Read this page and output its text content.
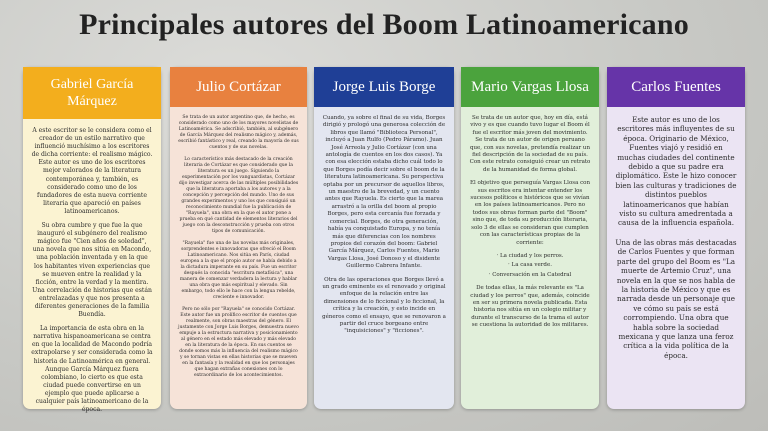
Principales autores del Boom Latinoamericano
Gabriel García Márquez

A este escritor se le considera como el creador de un estilo narrativo que influenció muchísimo a los escritores de dicha corriente: el realismo mágico. Este autor es uno de los escritores mejor valorados de la literatura contemporánea y, también, es considerado como uno de los fundadores de esta nueva corriente literaria que apareció en países latinoamericanos.

Su obra cumbre y que fue la que inauguró el subgénero del realismo mágico fue "Cien años de soledad", una novela que nos sitúa en Macondo, una población inventada y en la que los habitantes viven experiencias que se mueven entre la realidad y la ficción, entre la verdad y la mentira. Una correlación de historias que están entrelazadas y que nos presenta a diferentes generaciones de la familia Buendía.

La importancia de esta obra en la narrativa hispanoamericana se centra en que la localidad de Macondo podría extrapolarse y ser considerada como la historia de Latinoamérica en general. Aunque García Márquez fuera colombiano, lo cierto es que esta ciudad puede convertirse en un ejemplo que puede aplicarse a cualquier país latinoamericano de la época.

Julio Cortázar

Se trata de un autor argentino que, de hecho, es considerado como uno de los mayores novelistas de Latinoamérica. Se adscribió, también, al subgénero de García Márquez del realismo mágico y, además, escribió fantástico y real, creando la mayoría de sus cuentos y de sus novelas.

Lo característico más destacado de la creación literaria de Cortázar es que considerado que la literatura es un juego. Siguiendo la experimentación por los vanguardistas, Cortázar dijo investigar acerca de las múltiples posibilidades que la literatura aportaba a los autores y a la concepción y percepción del mundo. Uno de sus grandes experimentos y uno los que consiguió un reconocimiento mundial fue la publicación de "Rayuela", una obra en la que el autor pone a prueba en qué cantidad de elementos literarios del juego con la desconstrucción y prueba con otros tipos de comunicación.

"Rayuela" fue una de las novelas más originales, sorprendentes e innovadoras que ofreció el Boom Latinoamericano. Nos sitúa en París, ciudad europea a la que el propio autor se había debido a la dictadura imperante en su país. Fue un escritor después la conocida "escritura metafísica", una manera de comenzar verdadera la lectura y hablar una obra que más espiritual y elevado. Sin embargo, todo ello le hace con la lengua rebelde, creciente e innovador.

Pero no sólo por "Rayuela" se conocido Cortázar. Este autor fue un prolífico escritor de cuentos que realmente, son obras maestras del género. El justamente con Jorge Luis Borges, demuestra nuevo empuje a la estructura narrativa y posicionamiento al género en el estado más elevado y más elevado en la literatura de la época. En sus cuentos se donde somos más la influencia del realismo mágico y se tornan vistas en ellas historias que se mueven en la fantasía y la realidad en que los personajes que hagan extrañas conexiones con lo extraordinario de los acontecimientos.

Jorge Luis Borge

Cuando, ya sobre el final de su vida, Borges dirigió y prologó una generosa colección de libros que llamó "Biblioteca Personal", incluyó a Juan Rulfo (Pedro Páramo). Juan José Arreola y Julio Cortázar (con una antología de cuentos en los dos casos). Ya con esa elección estaba dicho cuál todo lo que Borges podía decir sobre el boom de la literatura latinoamericana. Su perspectiva optaba por un precursor de aquellos libros, un maestro de la brevedad, y un cuento antes que Rayuela. Es cierto que la marea arrastró a la orilla del boom al propio Borges, pero esta cercanía fue forzada y comercial. Borges, de otra generación, había ya conquistado Europa, y no tenía más que diferencias con los nombres propios del corazón del boom: Gabriel García Márquez, Carlos Fuentes, Mario Vargas Llosa, José Donoso y el disidente Guillermo Cabrera Infante.

Otra de las operaciones que Borges llevó a un grado eminente es el renovado y original enfoque de la relación entre las dimensiones de lo ficcional y lo ficcional, la crítica y la creación, y esto incide en géneros como el ensayo, que se renovaron a partir del cruce borgeano entre "inquisiciones" y "ficciones".

Mario Vargas Llosa

Se trata de un autor que, hoy en día, está vivo y es que cuando tuvo lugar el Boom él fue el escritor más joven del movimiento. Se trata de un autor de origen peruano que, con sus novelas, pretendía realizar un fiel descripción de la sociedad de su país. Con este retrato consiguió crear un retrato de la humanidad de forma global.

El objetivo que perseguía Vargas Llosa con sus escritos era intentar entender los sucesos políticos e históricos que se vivían en los países latinoamericanos. Pero no todos sus obras forman parte del "Boom" sino que, de toda su producción literaria, solo 3 de ellas se consideran que cumplen con las características propias de la corriente:

· La ciudad y los perros.

· La casa verde.

· Conversación en la Catedral

De todas ellas, la más relevante es "La ciudad y los perros" que, además, coincide en ser su primera novela publicada. Esta historia nos sitúa en un colegio militar y durante el transcurso de la trama el autor se cuestiona la autoridad de los militares.

Carlos Fuentes

Este autor es uno de los escritores más influyentes de su época. Originario de México, Fuentes viajó y residió en muchas ciudades del continente debido a que su padre era diplomático. Este le hizo conocer bien las culturas y tradiciones de distintos pueblos latinoamericanos que habían visto su cultura amedrentada a causa de la influencia española.

Una de las obras más destacadas de Carlos Fuentes y que forman parte del grupo del Boom es "La muerte de Artemio Cruz", una novela en la que se nos habla de la historia de México y que es narrada desde un personaje que ve cómo su país se está corrompiendo. Una obra que habla sobre la sociedad mexicana y que lanza una feroz crítica a la vida política de la época.
